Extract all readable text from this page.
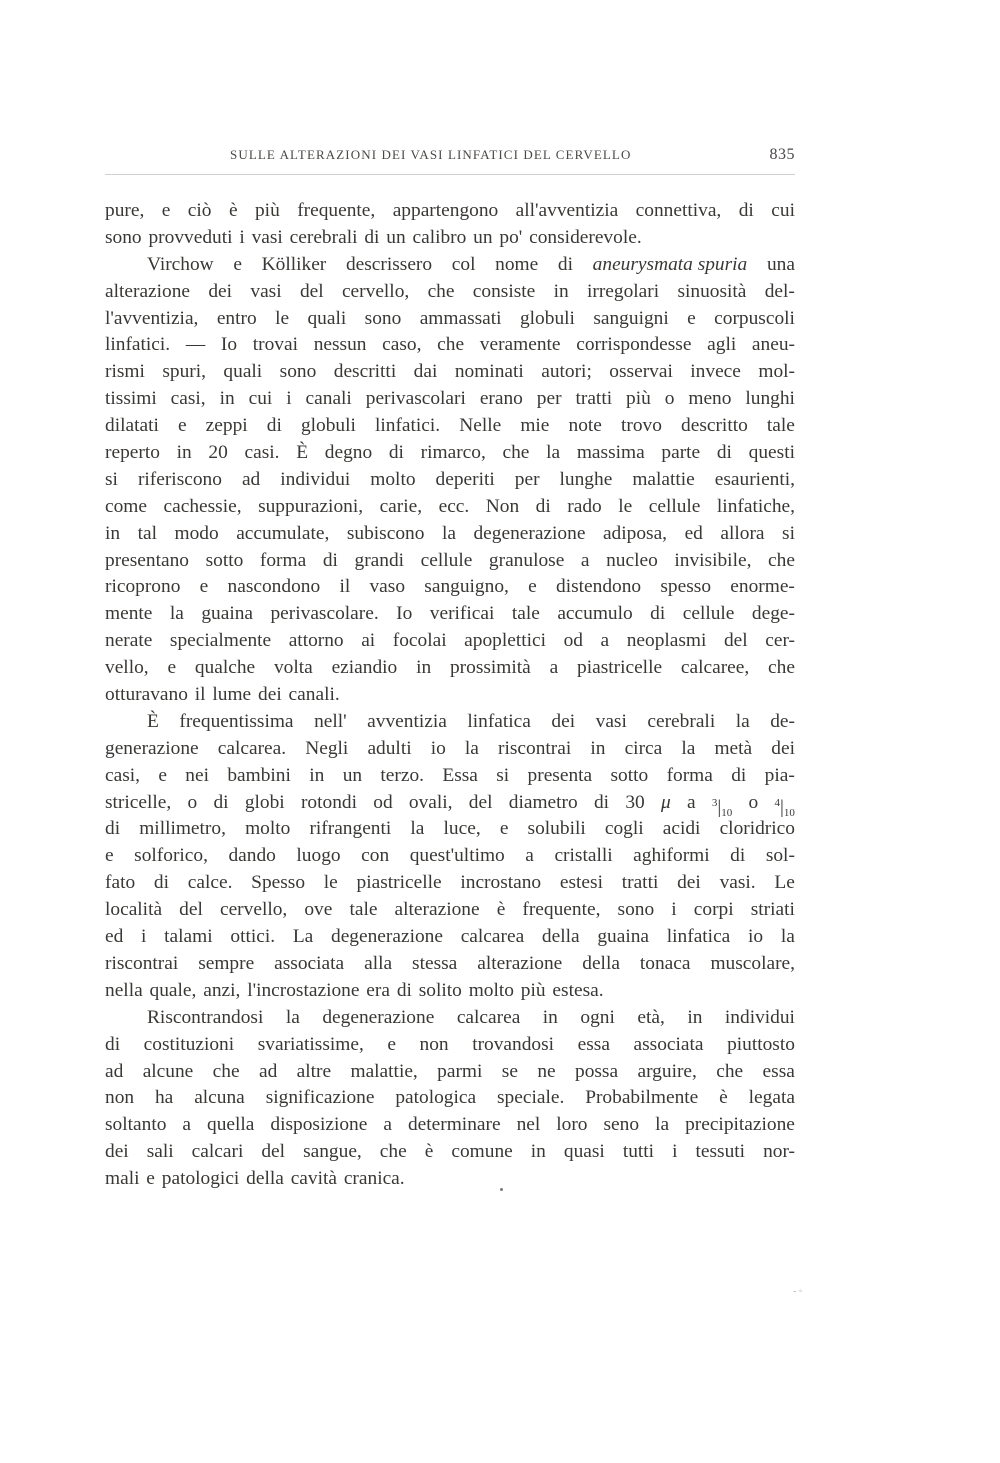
SULLE ALTERAZIONI DEI VASI LINFATICI DEL CERVELLO	835
pure, e ciò è più frequente, appartengono all'avventizia connettiva, di cui
sono provveduti i vasi cerebrali di un calibro un po' considerevole.
Virchow e Kölliker descrissero col nome di aneurysmata spuria una
alterazione dei vasi del cervello, che consiste in irregolari sinuosità del-
l'avventizia, entro le quali sono ammassati globuli sanguigni e corpuscoli
linfatici. — Io trovai nessun caso, che veramente corrispondesse agli aneu-
rismi spuri, quali sono descritti dai nominati autori; osservai invece mol-
tissimi casi, in cui i canali perivascolari erano per tratti più o meno lunghi
dilatati e zeppi di globuli linfatici. Nelle mie note trovo descritto tale
reperto in 20 casi. È degno di rimarco, che la massima parte di questi
si riferiscono ad individui molto deperiti per lunghe malattie esaurienti,
come cachessie, suppurazioni, carie, ecc. Non di rado le cellule linfatiche,
in tal modo accumulate, subiscono la degenerazione adiposa, ed allora si
presentano sotto forma di grandi cellule granulose a nucleo invisibile, che
ricoprono e nascondono il vaso sanguigno, e distendono spesso enorme-
mente la guaina perivascolare. Io verificai tale accumulo di cellule dege-
nerate specialmente attorno ai focolai apoplettici od a neoplasmi del cer-
vello, e qualche volta eziandio in prossimità a piastricelle calcaree, che
otturavano il lume dei canali.
È frequentissima nell' avventizia linfatica dei vasi cerebrali la de-
generazione calcarea. Negli adulti io la riscontrai in circa la metà dei
casi, e nei bambini in un terzo. Essa si presenta sotto forma di pia-
stricelle, o di globi rotondi od ovali, del diametro di 30 μ a $^3|_{10}$ o $^4|_{10}$
di millimetro, molto rifrangenti la luce, e solubili cogli acidi cloridrico
e solforico, dando luogo con quest'ultimo a cristalli aghiformi di sol-
fato di calce. Spesso le piastricelle incrostano estesi tratti dei vasi. Le
località del cervello, ove tale alterazione è frequente, sono i corpi striati
ed i talami ottici. La degenerazione calcarea della guaina linfatica io la
riscontrai sempre associata alla stessa alterazione della tonaca muscolare,
nella quale, anzi, l'incrostazione era di solito molto più estesa.
Riscontrandosi la degenerazione calcarea in ogni età, in individui
di costituzioni svariatissime, e non trovandosi essa associata piuttosto
ad alcune che ad altre malattie, parmi se ne possa arguire, che essa
non ha alcuna significazione patologica speciale. Probabilmente è legata
soltanto a quella disposizione a determinare nel loro seno la precipitazione
dei sali calcari del sangue, che è comune in quasi tutti i tessuti nor-
mali e patologici della cavità cranica.
- ◦
